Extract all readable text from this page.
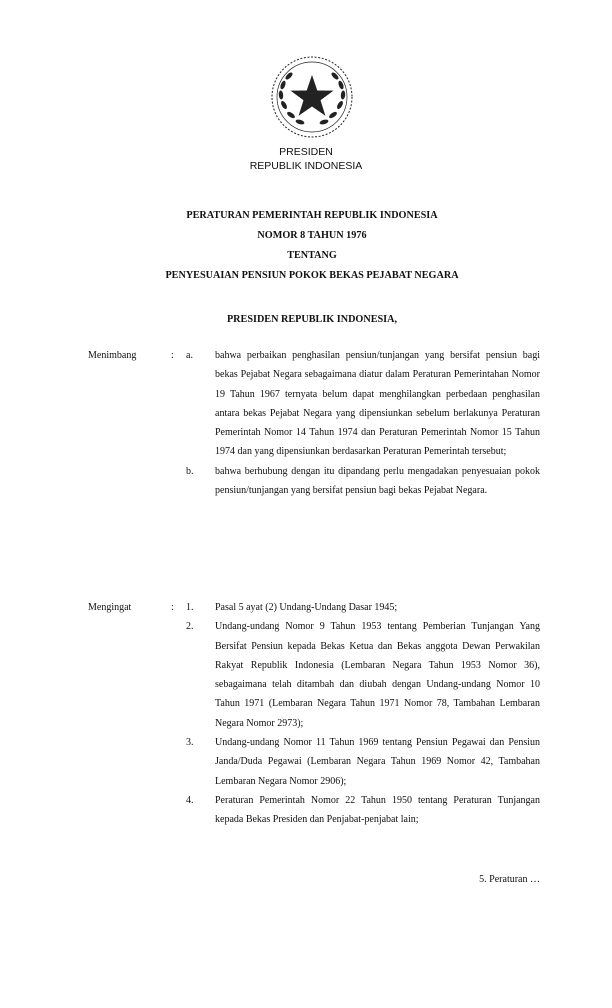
PRESIDEN
REPUBLIK INDONESIA
PERATURAN PEMERINTAH REPUBLIK INDONESIA
NOMOR 8 TAHUN 1976
TENTANG
PENYESUAIAN PENSIUN POKOK BEKAS PEJABAT NEGARA
PRESIDEN REPUBLIK INDONESIA,
Menimbang	: a. bahwa perbaikan penghasilan pensiun/tunjangan yang bersifat pensiun bagi bekas Pejabat Negara sebagaimana diatur dalam Peraturan Pemerintahan Nomor 19 Tahun 1967 ternyata belum dapat menghilangkan perbedaan penghasilan antara bekas Pejabat Negara yang dipensiunkan sebelum berlakunya Peraturan Pemerintah Nomor 14 Tahun 1974 dan Peraturan Pemerintah Nomor 15 Tahun 1974 dan yang dipensiunkan berdasarkan Peraturan Pemerintah tersebut;
b. bahwa berhubung dengan itu dipandang perlu mengadakan penyesuaian pokok pensiun/tunjangan yang bersifat pensiun bagi bekas Pejabat Negara.
Mengingat	: 1. Pasal 5 ayat (2) Undang-Undang Dasar 1945;
2. Undang-undang Nomor 9 Tahun 1953 tentang Pemberian Tunjangan Yang Bersifat Pensiun kepada Bekas Ketua dan Bekas anggota Dewan Perwakilan Rakyat Republik Indonesia (Lembaran Negara Tahun 1953 Nomor 36), sebagaimana telah ditambah dan diubah dengan Undang-undang Nomor 10 Tahun 1971 (Lembaran Negara Tahun 1971 Nomor 78, Tambahan Lembaran Negara Nomor 2973);
3. Undang-undang Nomor 11 Tahun 1969 tentang Pensiun Pegawai dan Pensiun Janda/Duda Pegawai (Lembaran Negara Tahun 1969 Nomor 42, Tambahan Lembaran Negara Nomor 2906);
4. Peraturan Pemerintah Nomor 22 Tahun 1950 tentang Peraturan Tunjangan kepada Bekas Presiden dan Penjabat-penjabat lain;
5. Peraturan …
